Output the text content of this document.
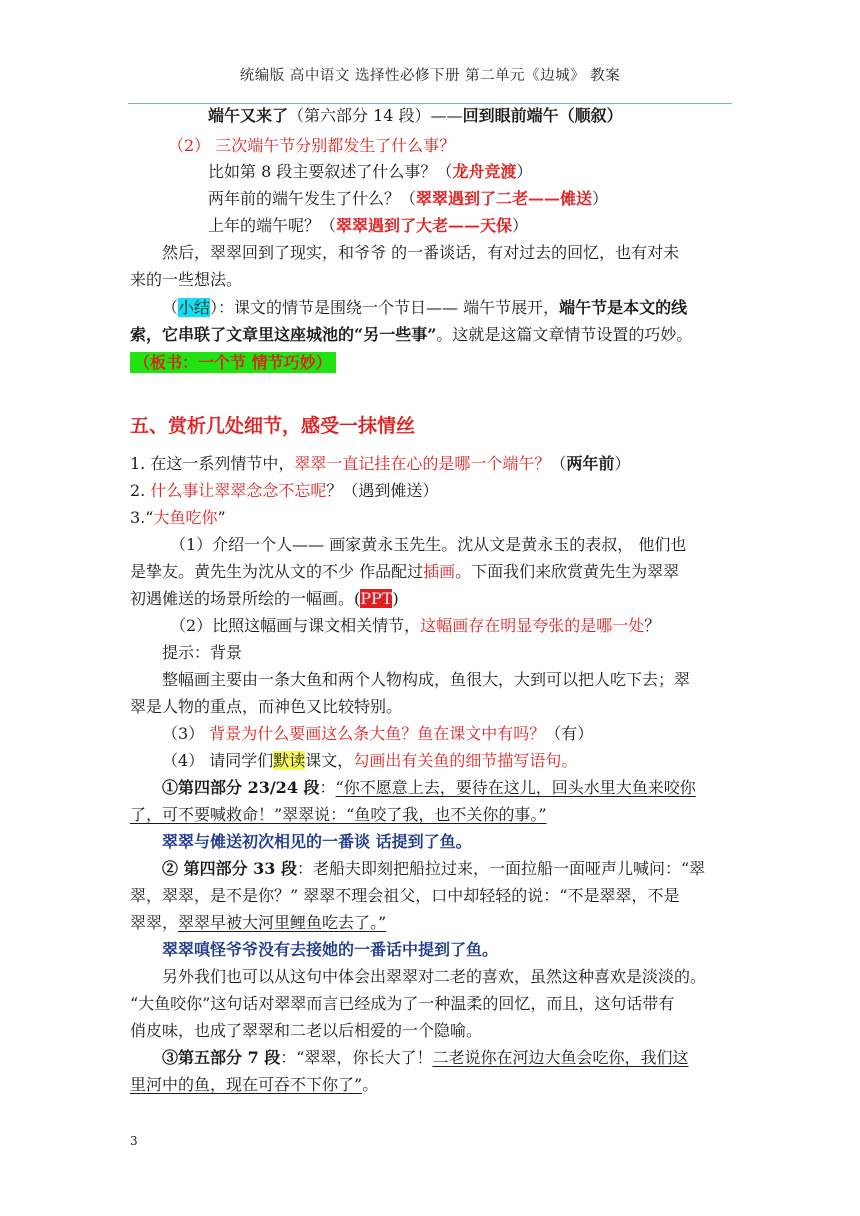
统编版 高中语文 选择性必修下册 第二单元《边城》 教案
端午又来了（第六部分 14 段）——回到眼前端午（顺叙）
（2） 三次端午节分别都发生了什么事？
比如第 8 段主要叙述了什么事？（龙舟竞渡）
两年前的端午发生了什么？（翠翠遇到了二老——傩送）
上年的端午呢？（翠翠遇到了大老——天保）
然后，翠翠回到了现实，和爷爷 的一番谈话，有对过去的回忆，也有对未
来的一些想法。
（小结）：课文的情节是围绕一个节日—— 端午节展开，端午节是本文的线
索，它串联了文章里这座城池的“另一些事”。这就是这篇文章情节设置的巧妙。
（板书：一个节 情节巧妙）
五、赏析几处细节，感受一抹情丝
1. 在这一系列情节中，翠翠一直记挂在心的是哪一个端午？（两年前）
2. 什么事让翠翠念念不忘呢？（遇到傩送）
3.“大鱼吃你”
（1）介绍一个人—— 画家黄永玉先生。沈从文是黄永玉的表叔， 他们也
是挚友。黄先生为沈从文的不少 作品配过插画。下面我们来欣赏黄先生为翠翠
初遇傩送的场景所绘的一幅画。(PPT)
（2）比照这幅画与课文相关情节，这幅画存在明显夸张的是哪一处？
提示：背景
整幅画主要由一条大鱼和两个人物构成，鱼很大，大到可以把人吃下去；翠
翠是人物的重点，而神色又比较特别。
（3） 背景为什么要画这么条大鱼？鱼在课文中有吗？（有）
（4） 请同学们默读课文，勾画出有关鱼的细节描写语句。
①第四部分 23/24 段：“你不愿意上去，要待在这儿，回头水里大鱼来咬你
了，可不要喊救命！”翠翠说：“鱼咬了我，也不关你的事。”
翠翠与傩送初次相见的一番谈 话提到了鱼。
② 第四部分 33 段：老船夫即刻把船拉过来，一面拉船一面哑声儿喊问：“翠
翠，翠翠，是不是你？” 翠翠不理会祖父，口中却轻轻的说：“不是翠翠，不是
翠翠，翠翠早被大河里鲤鱼吃去了。”
翠翠嗔怪爷爷没有去接她的一番话中提到了鱼。
另外我们也可以从这句中体会出翠翠对二老的喜欢，虽然这种喜欢是淡淡的。
“大鱼咬你”这句话对翠翠而言已经成为了一种温柔的回忆，而且，这句话带有
俏皮味，也成了翠翠和二老以后相爱的一个隐喻。
③第五部分 7 段：“翠翠，你长大了！二老说你在河边大鱼会吃你，我们这
里河中的鱼，现在可吞不下你了”。
3
